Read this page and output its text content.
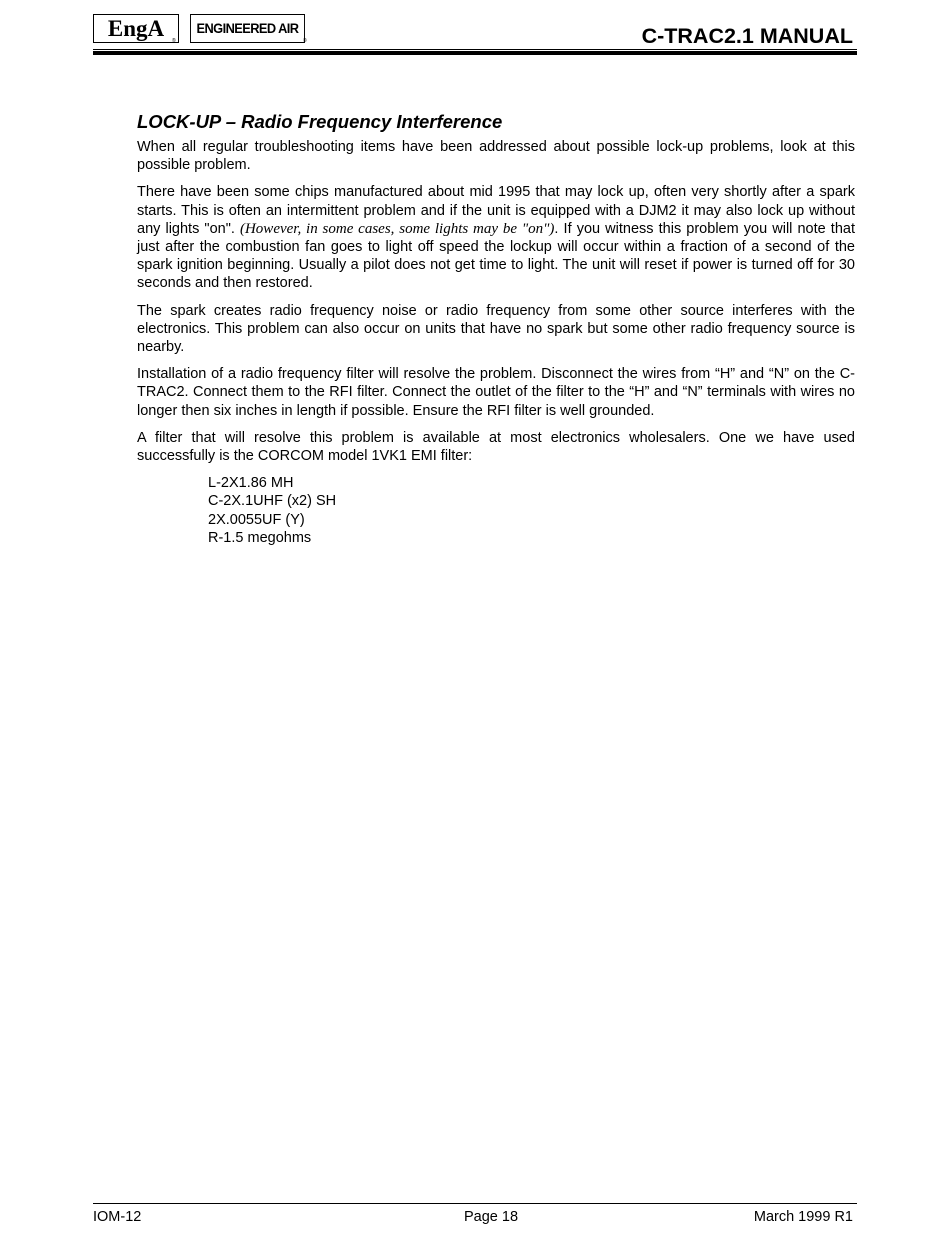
EngA	®
ENGINEERED AIR
®	C-TRAC2.1 MANUAL
LOCK-UP – Radio Frequency Interference

When all regular troubleshooting items have been addressed about possible lock-up problems, look at this possible problem.

There have been some chips manufactured about mid 1995 that may lock up, often very shortly after a spark starts. This is often an intermittent problem and if the unit is equipped with a DJM2 it may also lock up without any lights "on". (However, in some cases, some lights may be "on"). If you witness this problem you will note that just after the combustion fan goes to light off speed the lockup will occur within a fraction of a second of the spark ignition beginning. Usually a pilot does not get time to light. The unit will reset if power is turned off for 30 seconds and then restored.

The spark creates radio frequency noise or radio frequency from some other source interferes with the electronics. This problem can also occur on units that have no spark but some other radio frequency source is nearby.

Installation of a radio frequency filter will resolve the problem. Disconnect the wires from “H” and “N” on the C-TRAC2. Connect them to the RFI filter. Connect the outlet of the filter to the “H” and “N” terminals with wires no longer then six inches in length if possible. Ensure the RFI filter is well grounded.

A filter that will resolve this problem is available at most electronics wholesalers. One we have used successfully is the CORCOM model 1VK1 EMI filter:

L-2X1.86 MH
C-2X.1UHF (x2) SH
2X.0055UF (Y)
R-1.5 megohms
IOM-12	Page 18	March 1999 R1
